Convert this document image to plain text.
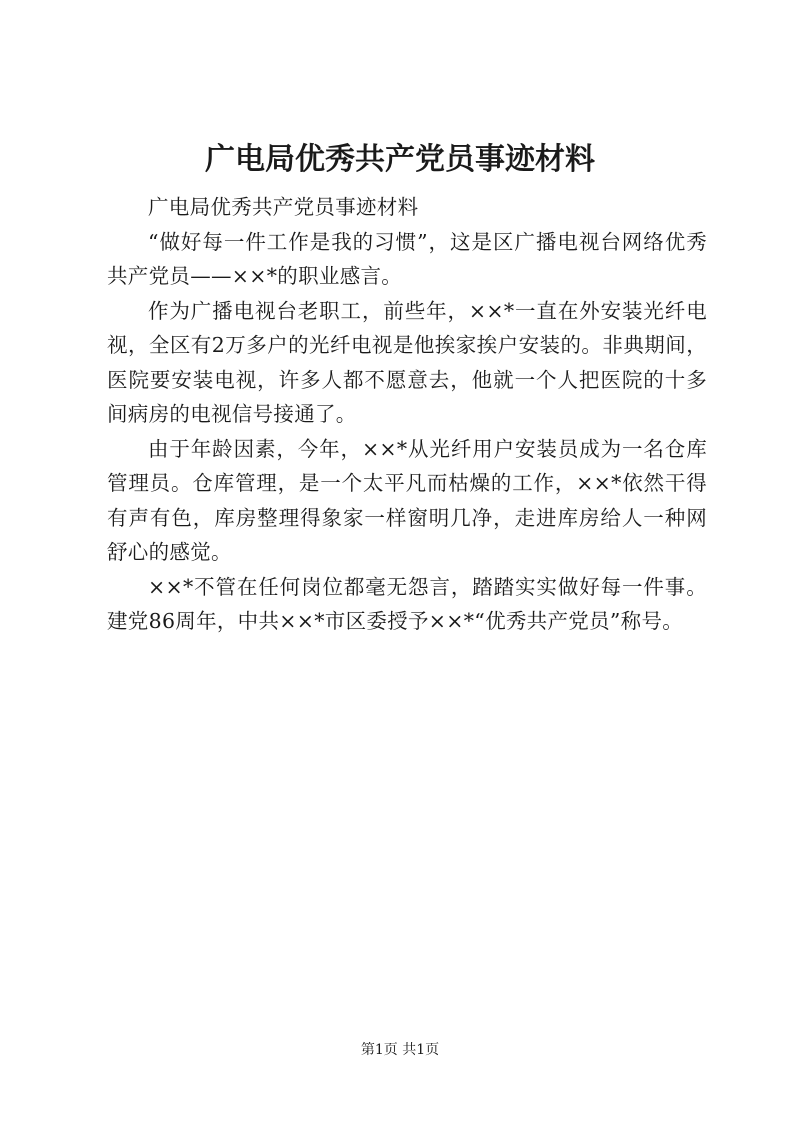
广电局优秀共产党员事迹材料

广电局优秀共产党员事迹材料

“做好每一件工作是我的习惯”，这是区广播电视台网络优秀共产党员——××*的职业感言。

作为广播电视台老职工，前些年，××*一直在外安装光纤电视，全区有2万多户的光纤电视是他挨家挨户安装的。非典期间，医院要安装电视，许多人都不愿意去，他就一个人把医院的十多间病房的电视信号接通了。

由于年龄因素，今年，××*从光纤用户安装员成为一名仓库管理员。仓库管理，是一个太平凡而枯燥的工作，××*依然干得有声有色，库房整理得象家一样窗明几净，走进库房给人一种网舒心的感觉。

××*不管在任何岗位都毫无怨言，踏踏实实做好每一件事。建党86周年，中共××*市区委授予××*“优秀共产党员”称号。

第1页 共1页
